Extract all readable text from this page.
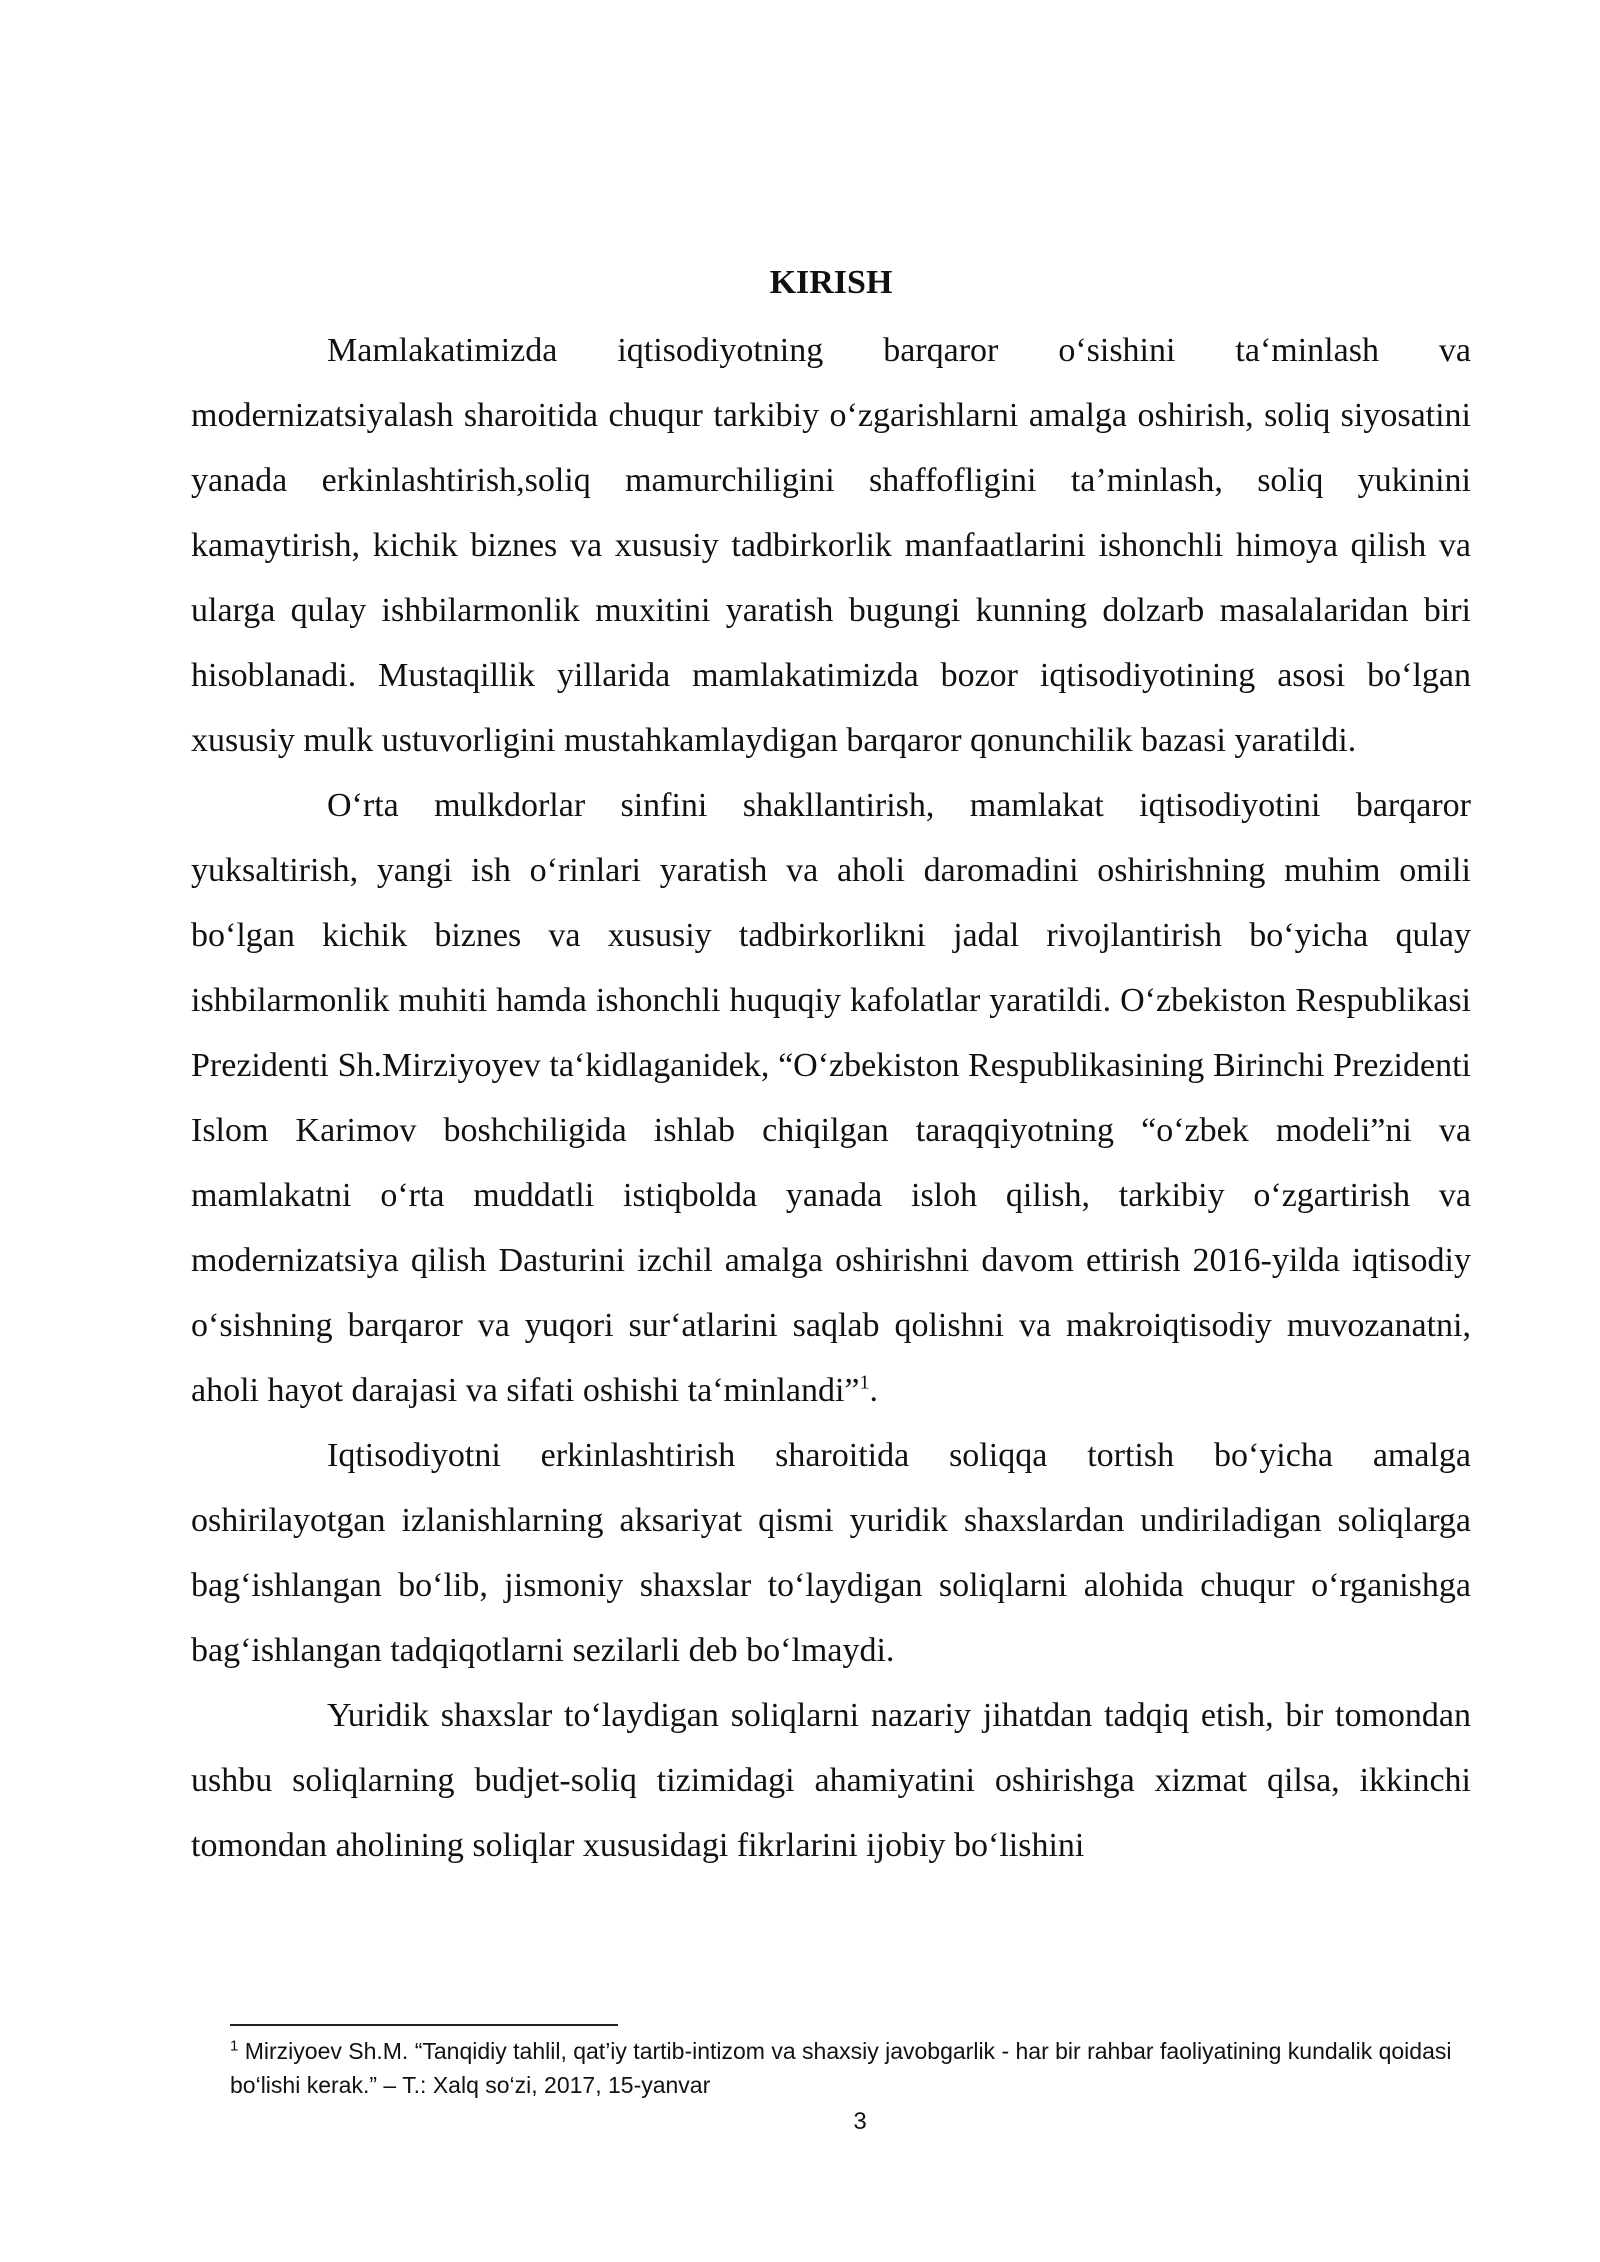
KIRISH

Mamlakatimizda iqtisodiyotning barqaror o‘sishini ta‘minlash va modernizatsiyalash sharoitida chuqur tarkibiy o‘zgarishlarni amalga oshirish, soliq siyosatini yanada erkinlashtirish,soliq mamurchiligini shaffofligini ta’minlash, soliq yukinini kamaytirish, kichik biznes va xususiy tadbirkorlik manfaatlarini ishonchli himoya qilish va ularga qulay ishbilarmonlik muxitini yaratish bugungi kunning dolzarb masalalaridan biri hisoblanadi. Mustaqillik yillarida mamlakatimizda bozor iqtisodiyotining asosi bo‘lgan xususiy mulk ustuvorligini mustahkamlaydigan barqaror qonunchilik bazasi yaratildi.

O‘rta mulkdorlar sinfini shakllantirish, mamlakat iqtisodiyotini barqaror yuksaltirish, yangi ish o‘rinlari yaratish va aholi daromadini oshirishning muhim omili bo‘lgan kichik biznes va xususiy tadbirkorlikni jadal rivojlantirish bo‘yicha qulay ishbilarmonlik muhiti hamda ishonchli huquqiy kafolatlar yaratildi. O‘zbekiston Respublikasi Prezidenti Sh.Mirziyoyev ta‘kidlaganidek, “O‘zbekiston Respublikasining Birinchi Prezidenti Islom Karimov boshchiligida ishlab chiqilgan taraqqiyotning “o‘zbek modeli”ni va mamlakatni o‘rta muddatli istiqbolda yanada isloh qilish, tarkibiy o‘zgartirish va modernizatsiya qilish Dasturini izchil amalga oshirishni davom ettirish 2016-yilda iqtisodiy o‘sishning barqaror va yuqori sur‘atlarini saqlab qolishni va makroiqtisodiy muvozanatni, aholi hayot darajasi va sifati oshishi ta‘minlandi”$^1$.

Iqtisodiyotni erkinlashtirish sharoitida soliqqa tortish bo‘yicha amalga oshirilayotgan izlanishlarning aksariyat qismi yuridik shaxslardan undiriladigan soliqlarga bag‘ishlangan bo‘lib, jismoniy shaxslar to‘laydigan soliqlarni alohida chuqur o‘rganishga bag‘ishlangan tadqiqotlarni sezilarli deb bo‘lmaydi.

Yuridik shaxslar to‘laydigan soliqlarni nazariy jihatdan tadqiq etish, bir tomondan ushbu soliqlarning budjet-soliq tizimidagi ahamiyatini oshirishga xizmat qilsa, ikkinchi tomondan aholining soliqlar xususidagi fikrlarini ijobiy bo‘lishini

$^1$ Mirziyoev Sh.M. “Tanqidiy tahlil, qat’iy tartib-intizom va shaxsiy javobgarlik - har bir rahbar faoliyatining kundalik qoidasi bo‘lishi kerak.” – T.: Xalq so‘zi, 2017, 15-yanvar

3
